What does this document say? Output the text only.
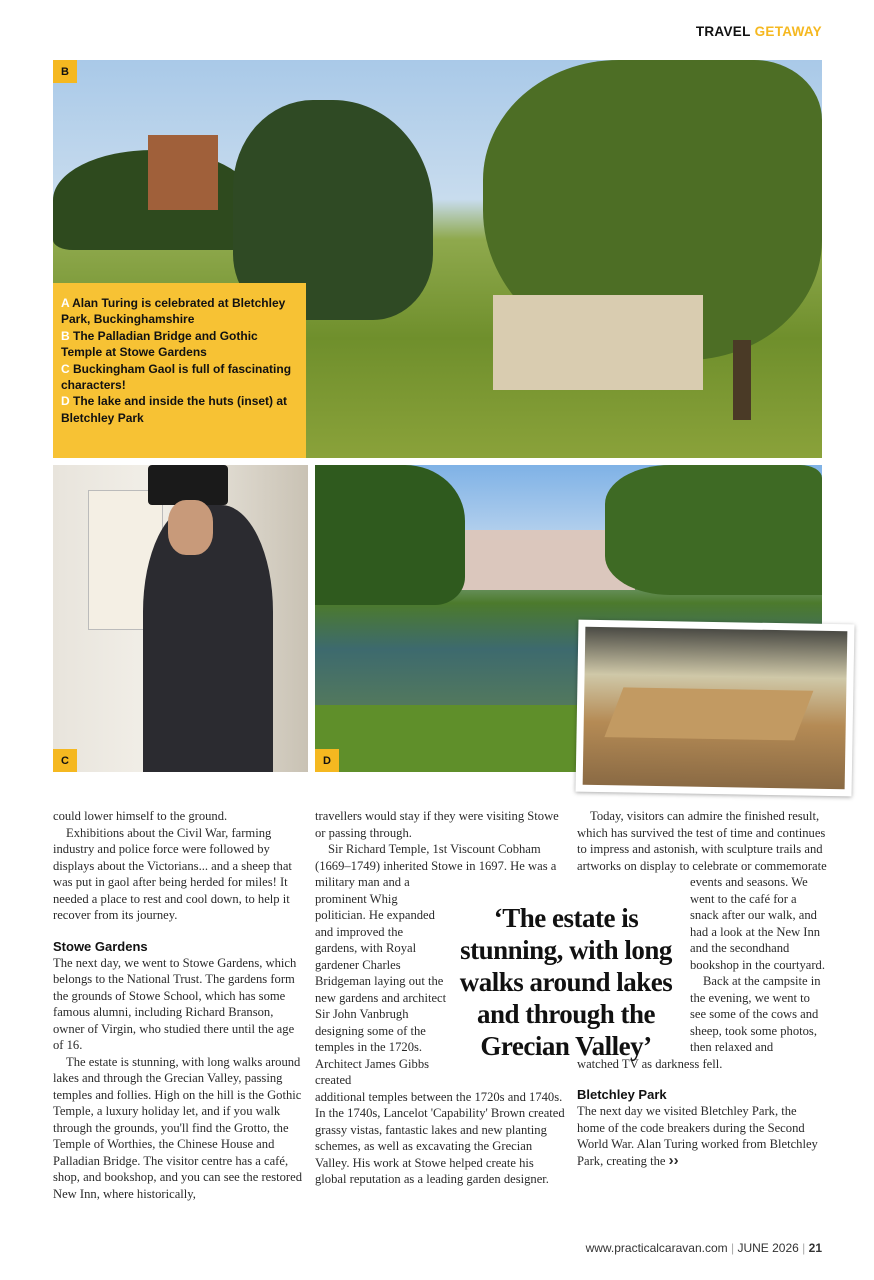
TRAVEL GETAWAY
B
A Alan Turing is celebrated at Bletchley Park, Buckinghamshire
B The Palladian Bridge and Gothic Temple at Stowe Gardens
C Buckingham Gaol is full of fascinating characters!
D The lake and inside the huts (inset) at Bletchley Park
C	D

could lower himself to the ground.

Exhibitions about the Civil War, farming industry and police force were followed by displays about the Victorians... and a sheep that was put in gaol after being herded for miles! It needed a place to rest and cool down, to help it recover from its journey.

Stowe Gardens

The next day, we went to Stowe Gardens, which belongs to the National Trust. The gardens form the grounds of Stowe School, which has some famous alumni, including Richard Branson, owner of Virgin, who studied there until the age of 16.

The estate is stunning, with long walks around lakes and through the Grecian Valley, passing temples and follies. High on the hill is the Gothic Temple, a luxury holiday let, and if you walk through the grounds, you'll find the Grotto, the Temple of Worthies, the Chinese House and Palladian Bridge. The visitor centre has a café, shop, and bookshop, and you can see the restored New Inn, where historically,

travellers would stay if they were visiting Stowe or passing through.

Sir Richard Temple, 1st Viscount Cobham (1669–1749) inherited Stowe in 1697. He was a military man and a

prominent Whig politician. He expanded and improved the gardens, with Royal gardener Charles Bridgeman laying out the new gardens and architect Sir John Vanbrugh designing some of the temples in the 1720s. Architect James Gibbs created

additional temples between the 1720s and 1740s. In the 1740s, Lancelot 'Capability' Brown created grassy vistas, fantastic lakes and new planting schemes, as well as excavating the Grecian Valley. His work at Stowe helped create his global reputation as a leading garden designer.

‘The estate is stunning, with long walks around lakes and through the Grecian Valley’

Today, visitors can admire the finished result, which has survived the test of time and continues to impress and astonish, with sculpture trails and artworks on display to celebrate or commemorate

events and seasons. We went to the café for a snack after our walk, and had a look at the New Inn and the secondhand bookshop in the courtyard.

Back at the campsite in the evening, we went to see some of the cows and sheep, took some photos, then relaxed and

watched TV as darkness fell.

Bletchley Park

The next day we visited Bletchley Park, the home of the code breakers during the Second World War. Alan Turing worked from Bletchley Park, creating the ››

www.practicalcaravan.com | JUNE 2026 | 21
